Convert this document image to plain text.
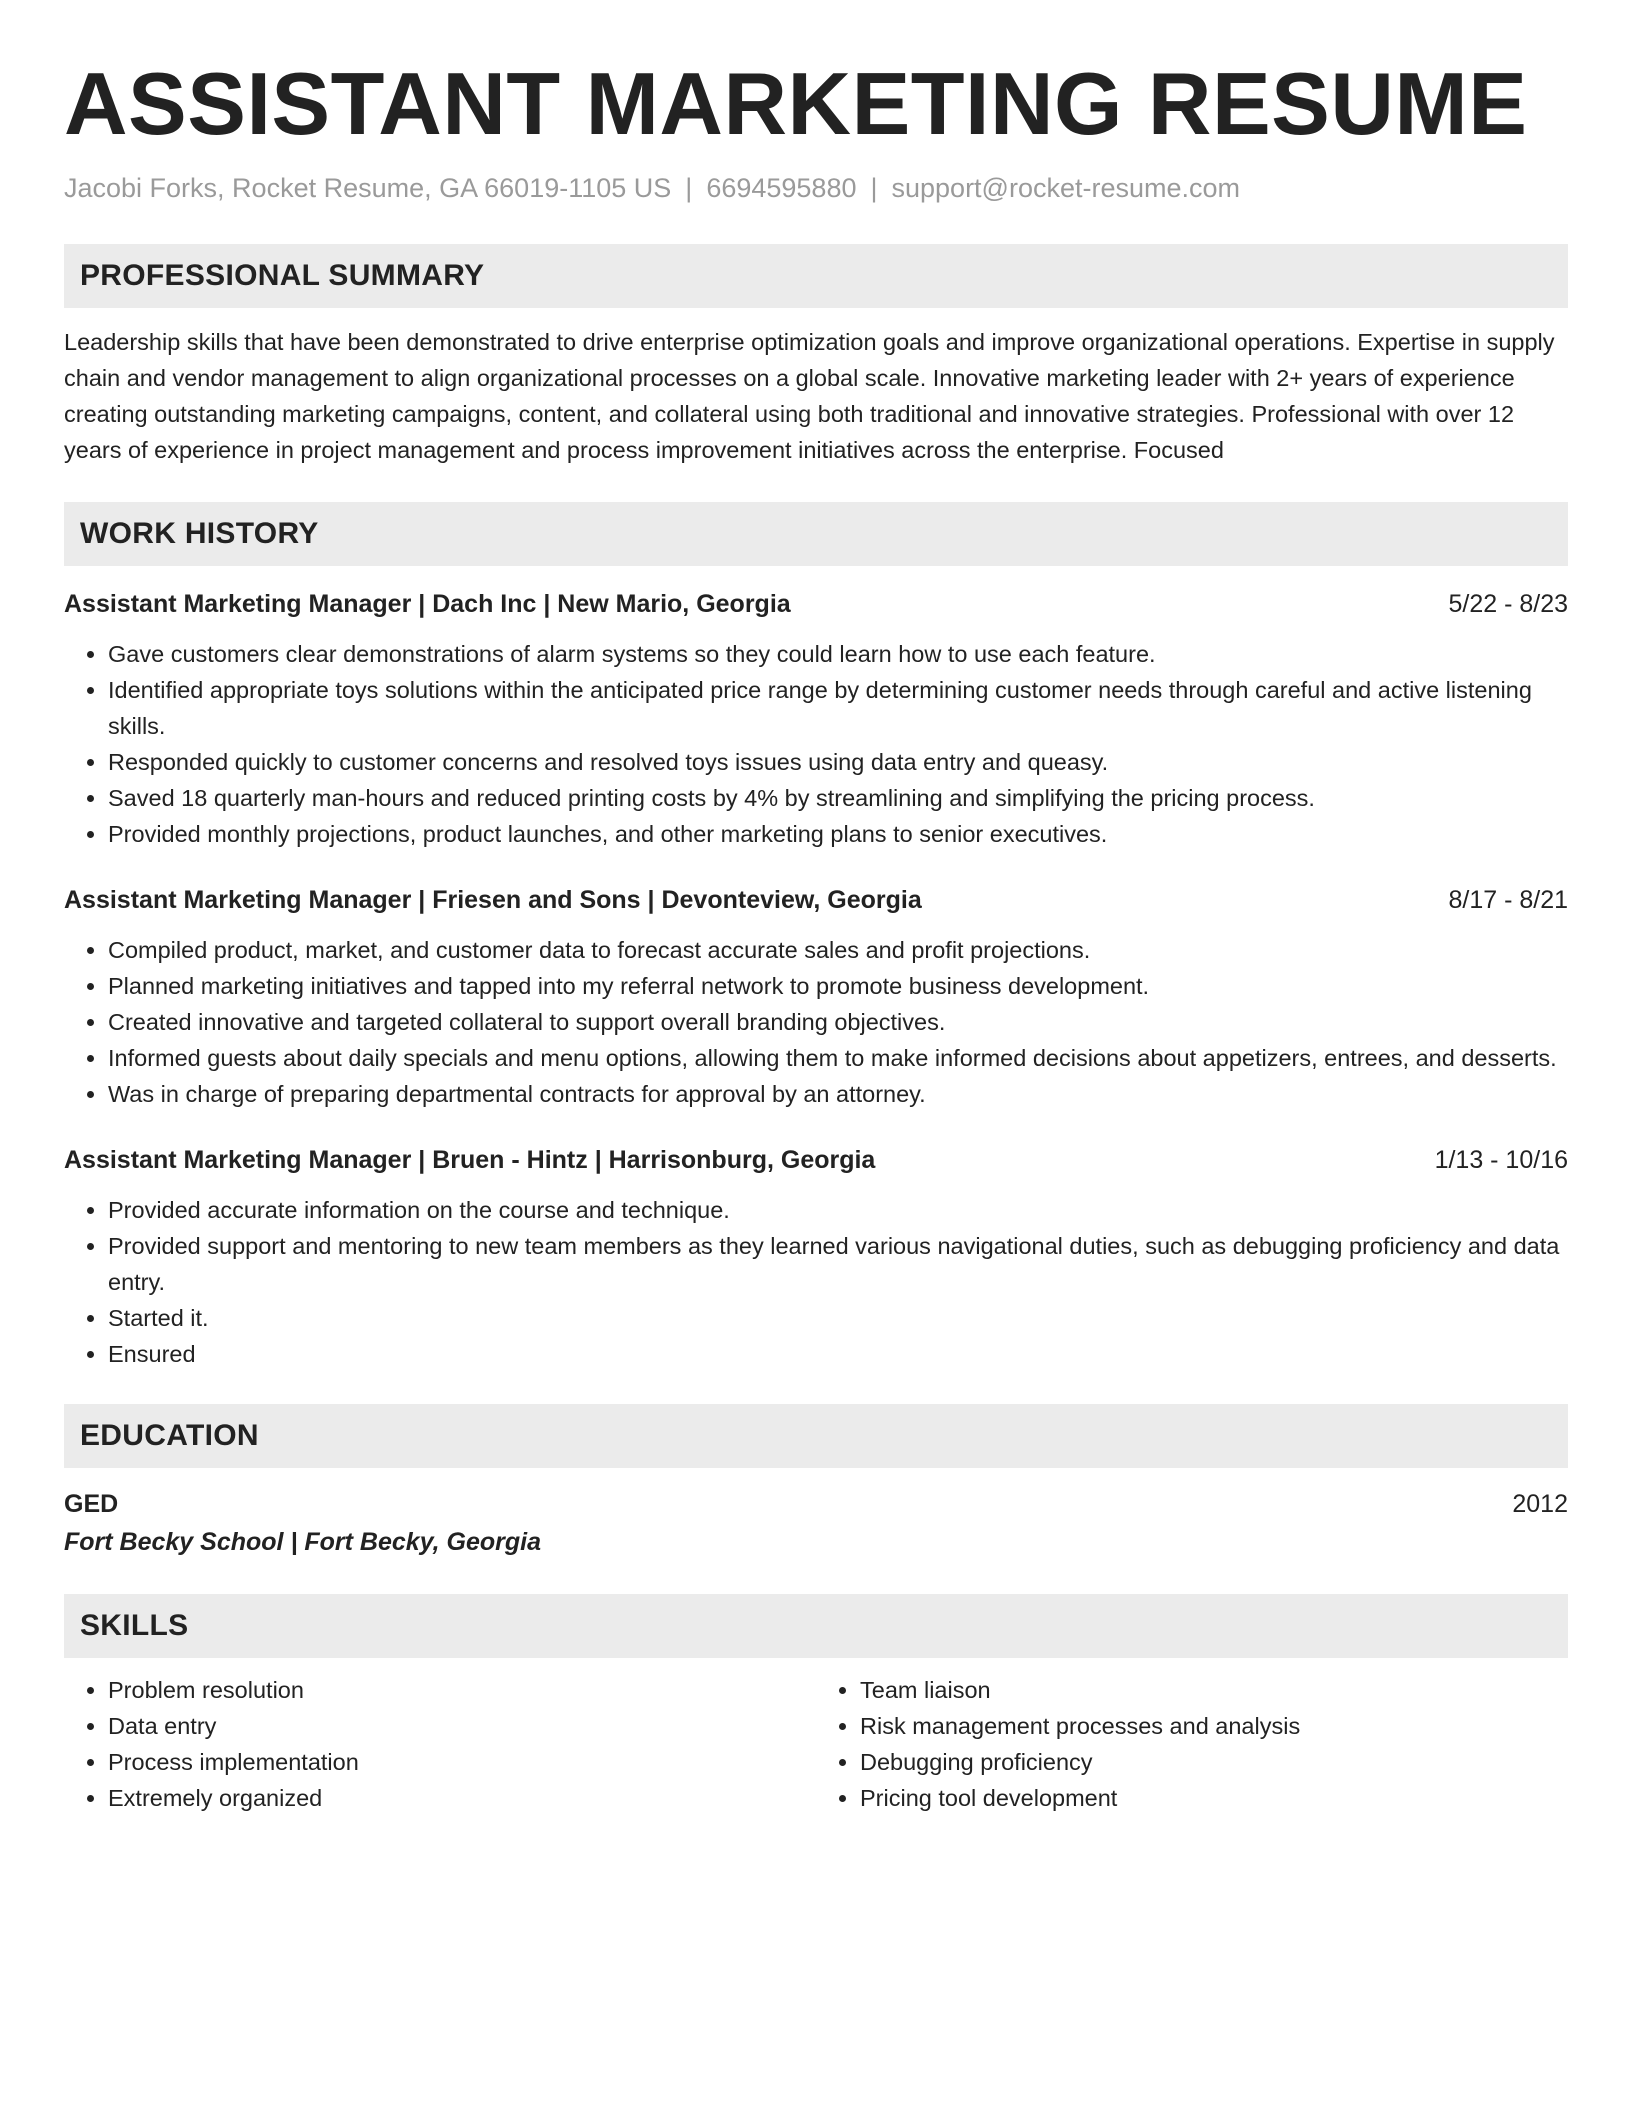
ASSISTANT MARKETING RESUME
Jacobi Forks, Rocket Resume, GA 66019-1105 US | 6694595880 | support@rocket-resume.com
PROFESSIONAL SUMMARY
Leadership skills that have been demonstrated to drive enterprise optimization goals and improve organizational operations. Expertise in supply chain and vendor management to align organizational processes on a global scale. Innovative marketing leader with 2+ years of experience creating outstanding marketing campaigns, content, and collateral using both traditional and innovative strategies. Professional with over 12 years of experience in project management and process improvement initiatives across the enterprise. Focused
WORK HISTORY
Assistant Marketing Manager | Dach Inc | New Mario, Georgia	5/22 - 8/23
• Gave customers clear demonstrations of alarm systems so they could learn how to use each feature.
• Identified appropriate toys solutions within the anticipated price range by determining customer needs through careful and active listening skills.
• Responded quickly to customer concerns and resolved toys issues using data entry and queasy.
• Saved 18 quarterly man-hours and reduced printing costs by 4% by streamlining and simplifying the pricing process.
• Provided monthly projections, product launches, and other marketing plans to senior executives.
Assistant Marketing Manager | Friesen and Sons | Devonteview, Georgia	8/17 - 8/21
• Compiled product, market, and customer data to forecast accurate sales and profit projections.
• Planned marketing initiatives and tapped into my referral network to promote business development.
• Created innovative and targeted collateral to support overall branding objectives.
• Informed guests about daily specials and menu options, allowing them to make informed decisions about appetizers, entrees, and desserts.
• Was in charge of preparing departmental contracts for approval by an attorney.
Assistant Marketing Manager | Bruen - Hintz | Harrisonburg, Georgia	1/13 - 10/16
• Provided accurate information on the course and technique.
• Provided support and mentoring to new team members as they learned various navigational duties, such as debugging proficiency and data entry.
• Started it.
• Ensured
EDUCATION
GED	2012
Fort Becky School | Fort Becky, Georgia
SKILLS
• Problem resolution
• Data entry
• Process implementation
• Extremely organized
• Team liaison
• Risk management processes and analysis
• Debugging proficiency
• Pricing tool development
